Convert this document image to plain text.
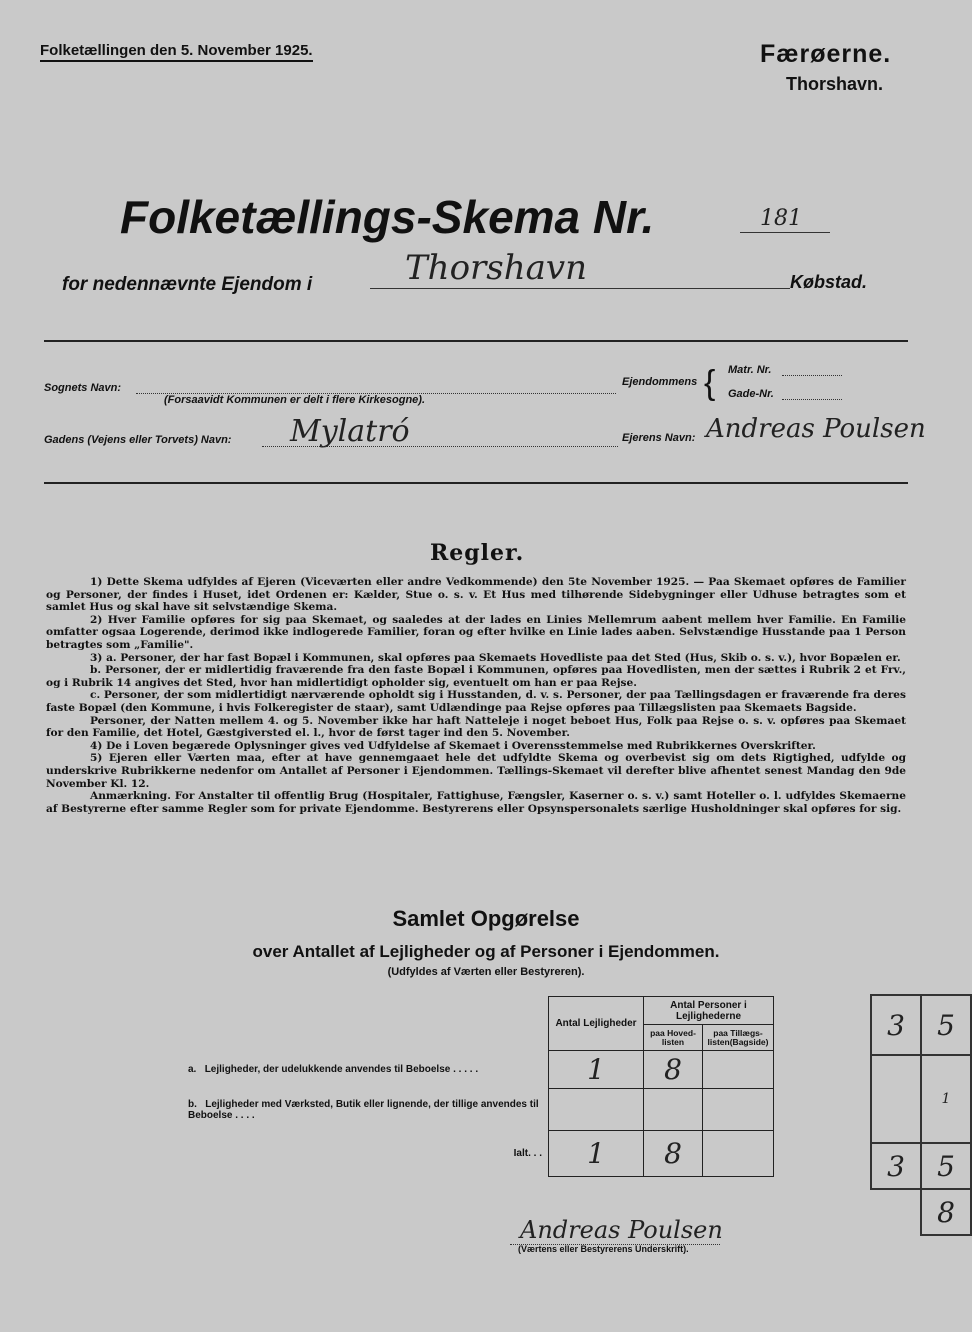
Folketællingen den 5. November 1925.	Færøerne.
Thorshavn.
Folketællings-Skema Nr.	181
for nedennævnte Ejendom i	Thorshavn	Købstad.
Sognets Navn:
(Forsaavidt Kommunen er delt i flere Kirkesogne).
Ejendommens { Matr. Nr.
Gade-Nr.
Gadens (Vejens eller Torvets) Navn: Mylatró	Ejerens Navn: Andreas Poulsen
Regler.

1) Dette Skema udfyldes af Ejeren (Viceværten eller andre Vedkommende) den 5te November 1925. — Paa Skemaet opføres de Familier og Personer, der findes i Huset, idet Ordenen er: Kælder, Stue o. s. v. Et Hus med tilhørende Sidebygninger eller Udhuse betragtes som et samlet Hus og skal have sit selvstændige Skema.

2) Hver Familie opføres for sig paa Skemaet, og saaledes at der lades en Linies Mellemrum aabent mellem hver Familie. En Familie omfatter ogsaa Logerende, derimod ikke indlogerede Familier, foran og efter hvilke en Linie lades aaben. Selvstændige Husstande paa 1 Person betragtes som „Familie".

3) a. Personer, der har fast Bopæl i Kommunen, skal opføres paa Skemaets Hovedliste paa det Sted (Hus, Skib o. s. v.), hvor Bopælen er.

b. Personer, der er midlertidig fraværende fra den faste Bopæl i Kommunen, opføres paa Hovedlisten, men der sættes i Rubrik 2 et Frv., og i Rubrik 14 angives det Sted, hvor han midlertidigt opholder sig, eventuelt om han er paa Rejse.

c. Personer, der som midlertidigt nærværende opholdt sig i Husstanden, d. v. s. Personer, der paa Tællingsdagen er fraværende fra deres faste Bopæl (den Kommune, i hvis Folkeregister de staar), samt Udlændinge paa Rejse opføres paa Tillægslisten paa Skemaets Bagside.

Personer, der Natten mellem 4. og 5. November ikke har haft Natteleje i noget beboet Hus, Folk paa Rejse o. s. v. opføres paa Skemaet for den Familie, det Hotel, Gæstgiversted el. l., hvor de først tager ind den 5. November.

4) De i Loven begærede Oplysninger gives ved Udfyldelse af Skemaet i Overensstemmelse med Rubrikkernes Overskrifter.

5) Ejeren eller Værten maa, efter at have gennemgaaet hele det udfyldte Skema og overbevist sig om dets Rigtighed, udfylde og underskrive Rubrikkerne nedenfor om Antallet af Personer i Ejendommen. Tællings-Skemaet vil derefter blive afhentet senest Mandag den 9de November Kl. 12.

Anmærkning. For Anstalter til offentlig Brug (Hospitaler, Fattighuse, Fængsler, Kaserner o. s. v.) samt Hoteller o. l. udfyldes Skemaerne af Bestyrerne efter samme Regler som for private Ejendomme. Bestyrerens eller Opsynspersonalets særlige Husholdninger skal opføres for sig.

Samlet Opgørelse
over Antallet af Lejligheder og af Personer i Ejendommen.
(Udfyldes af Værten eller Bestyreren).
	Antal Lejligheder	Antal Personer i Lejlighederne	
		paa Hoved-listen	paa Tillægs-listen(Bagside)
a. Lejligheder, der udelukkende anvendes til Beboelse . . . . .	1	8	
b. Lejligheder med Værksted, Butik eller lignende, der tillige anvendes til Beboelse . . . .			
Ialt. . .	1	8	
3	5
	1
3	5
	8
Andreas Poulsen
(Værtens eller Bestyrerens Underskrift).
